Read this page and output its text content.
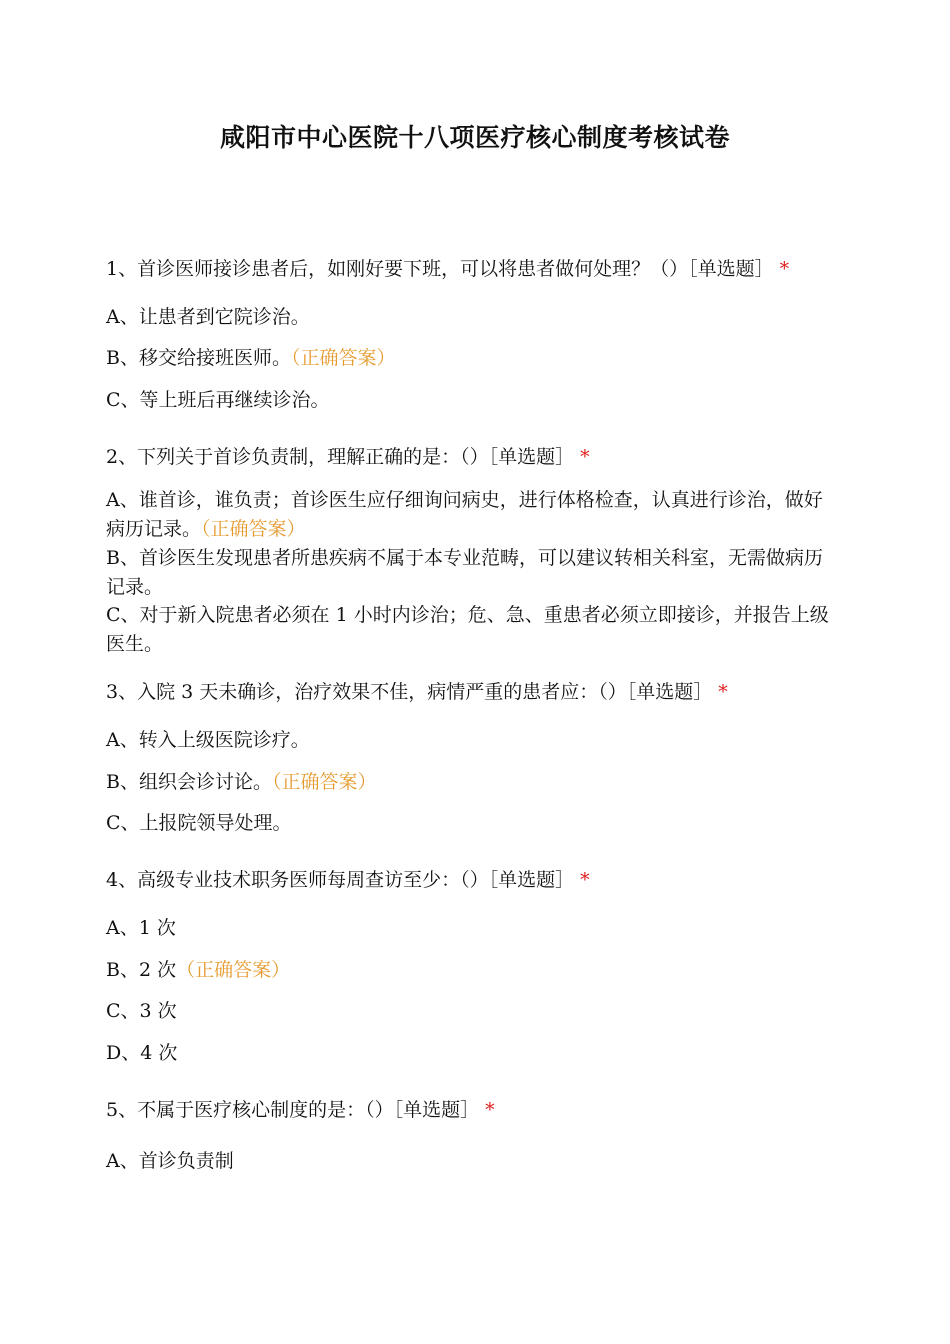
咸阳市中心医院十八项医疗核心制度考核试卷
1、首诊医师接诊患者后，如刚好要下班，可以将患者做何处理？（）［单选题］ *
A、让患者到它院诊治。
B、移交给接班医师。（正确答案）
C、等上班后再继续诊治。
2、下列关于首诊负责制，理解正确的是：（）［单选题］ *
A、谁首诊，谁负责；首诊医生应仔细询问病史，进行体格检查，认真进行诊治，做好病历记录。（正确答案）
B、首诊医生发现患者所患疾病不属于本专业范畴，可以建议转相关科室，无需做病历记录。
C、对于新入院患者必须在 1 小时内诊治；危、急、重患者必须立即接诊，并报告上级医生。
3、入院 3 天未确诊，治疗效果不佳，病情严重的患者应：（）［单选题］ *
A、转入上级医院诊疗。
B、组织会诊讨论。（正确答案）
C、上报院领导处理。
4、高级专业技术职务医师每周查访至少：（）［单选题］ *
A、1 次
B、2 次（正确答案）
C、3 次
D、4 次
5、不属于医疗核心制度的是：（）［单选题］ *
A、首诊负责制
